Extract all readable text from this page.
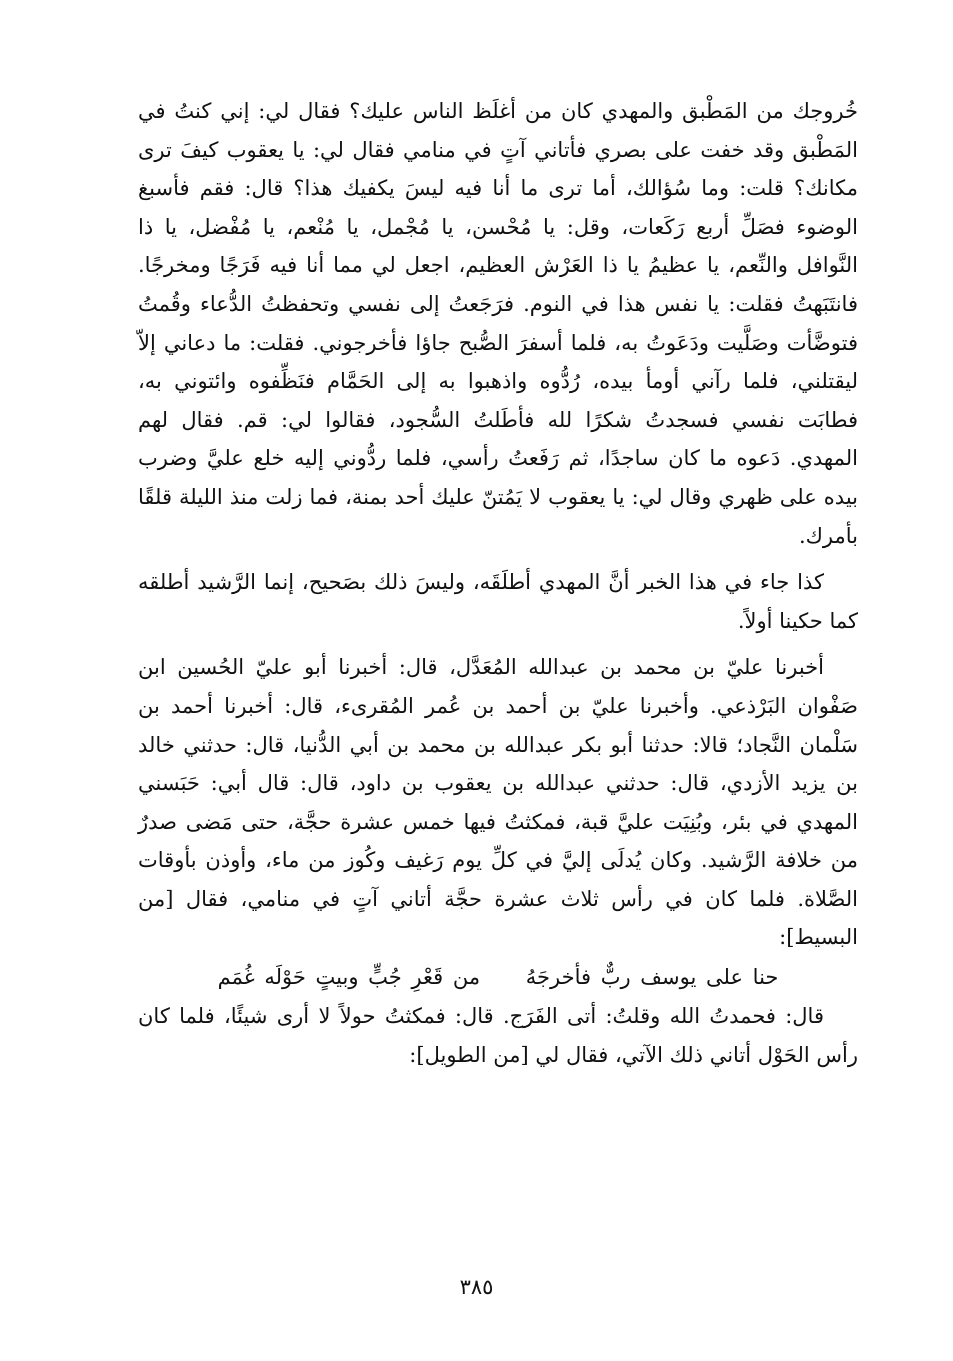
خُروجك من المَطْبق والمهدي كان من أغلَظ الناس عليك؟ فقال لي: إني كنتُ في المَطْبق وقد خفت على بصري فأتاني آتٍ في منامي فقال لي: يا يعقوب كيفَ ترى مكانك؟ قلت: وما سُؤالك، أما ترى ما أنا فيه ليسَ يكفيك هذا؟ قال: فقم فأسبغ الوضوء فصَلِّ أربع رَكَعات، وقل: يا مُحْسن، يا مُجْمل، يا مُنْعم، يا مُفْضل، يا ذا النَّوافل والنِّعم، يا عظيمُ يا ذا العَرْش العظيم، اجعل لي مما أنا فيه فَرَجًا ومخرجًا. فانتَبَهتُ فقلت: يا نفس هذا في النوم. فرَجَعتُ إلى نفسي وتحفظتُ الدُّعاء وقُمتُ فتوضَّأت وصَلَّيت ودَعَوتُ به، فلما أسفرَ الصُّبح جاؤا فأخرجوني. فقلت: ما دعاني إلاّ ليقتلني، فلما رآني أومأ بيده، رُدُّوه واذهبوا به إلى الحَمَّام فنَظِّفوه وائتوني به، فطابَت نفسي فسجدتُ شكرًا لله فأطَلتُ السُّجود، فقالوا لي: قم. فقال لهم المهدي. دَعوه ما كان ساجدًا، ثم رَفَعتُ رأسي، فلما ردُّوني إليه خلع عليَّ وضرب بيده على ظهري وقال لي: يا يعقوب لا يَمُتنّ عليك أحد بمنة، فما زلت منذ الليلة قلقًا بأمرك.

كذا جاء في هذا الخبر أنَّ المهدي أطلَقَه، وليسَ ذلك بصَحيح، إنما الرَّشيد أطلقه كما حكينا أولاً.

أخبرنا عليّ بن محمد بن عبدالله المُعَدَّل، قال: أخبرنا أبو عليّ الحُسين ابن صَفْوان البَرْذعي. وأخبرنا عليّ بن أحمد بن عُمر المُقرىء، قال: أخبرنا أحمد بن سَلْمان النَّجاد؛ قالا: حدثنا أبو بكر عبدالله بن محمد بن أبي الدُّنيا، قال: حدثني خالد بن يزيد الأزدي، قال: حدثني عبدالله بن يعقوب بن داود، قال: قال أبي: حَبَسني المهدي في بئر، وبُنِيَت عليَّ قبة، فمكثتُ فيها خمس عشرة حجَّة، حتى مَضى صدرٌ من خلافة الرَّشيد. وكان يُدلَى إليَّ في كلِّ يوم رَغيف وكُوز من ماء، وأوذن بأوقات الصَّلاة. فلما كان في رأس ثلاث عشرة حجَّة أتاني آتٍ في منامي، فقال [من البسيط]:

حنا على يوسف ربٌّ فأخرجَهُ من قَعْرِ جُبٍّ وبيتٍ حَوْلَه غُمَم

قال: فحمدتُ الله وقلتُ: أتى الفَرَج. قال: فمكثتُ حولاً لا أرى شيئًا، فلما كان رأس الحَوْل أتاني ذلك الآتي، فقال لي [من الطويل]:

٣٨٥
